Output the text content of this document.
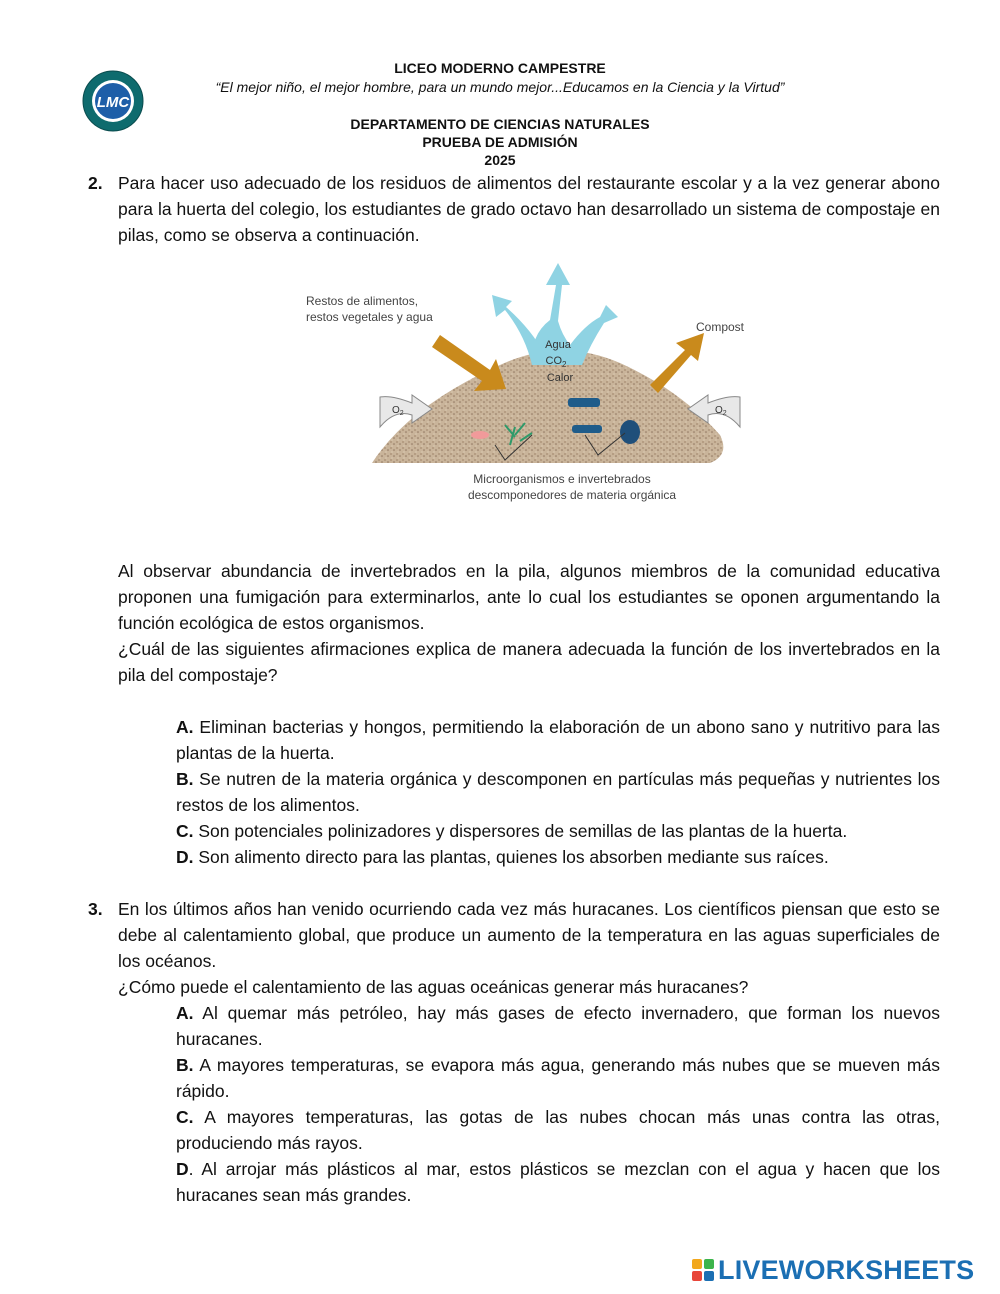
LMC
LICEO MODERNO CAMPESTRE
“El mejor niño, el mejor hombre, para un mundo mejor...Educamos en la Ciencia y la Virtud”
DEPARTAMENTO DE CIENCIAS NATURALES
PRUEBA DE ADMISIÓN
2025
2. Para hacer uso adecuado de los residuos de alimentos del restaurante escolar y a la vez generar abono para la huerta del colegio, los estudiantes de grado octavo han desarrollado un sistema de compostaje en pilas, como se observa a continuación.
Agua
$CO_2$
Calor
$O_2$	$O_2$
Restos de alimentos,
restos vegetales y agua
Compost
Microorganismos e invertebrados
descomponedores de materia orgánica
Al observar abundancia de invertebrados en la pila, algunos miembros de la comunidad educativa proponen una fumigación para exterminarlos, ante lo cual los estudiantes se oponen argumentando la función ecológica de estos organismos.
¿Cuál de las siguientes afirmaciones explica de manera adecuada la función de los invertebrados en la pila del compostaje?
A. Eliminan bacterias y hongos, permitiendo la elaboración de un abono sano y nutritivo para las plantas de la huerta.
B. Se nutren de la materia orgánica y descomponen en partículas más pequeñas y nutrientes los restos de los alimentos.
C. Son potenciales polinizadores y dispersores de semillas de las plantas de la huerta.
D. Son alimento directo para las plantas, quienes los absorben mediante sus raíces.
3. En los últimos años han venido ocurriendo cada vez más huracanes. Los científicos piensan que esto se debe al calentamiento global, que produce un aumento de la temperatura en las aguas superficiales de los océanos.
¿Cómo puede el calentamiento de las aguas oceánicas generar más huracanes?
A. Al quemar más petróleo, hay más gases de efecto invernadero, que forman los nuevos huracanes.
B. A mayores temperaturas, se evapora más agua, generando más nubes que se mueven más rápido.
C. A mayores temperaturas, las gotas de las nubes chocan más unas contra las otras, produciendo más rayos.
D. Al arrojar más plásticos al mar, estos plásticos se mezclan con el agua y hacen que los huracanes sean más grandes.
LIVEWORKSHEETS
